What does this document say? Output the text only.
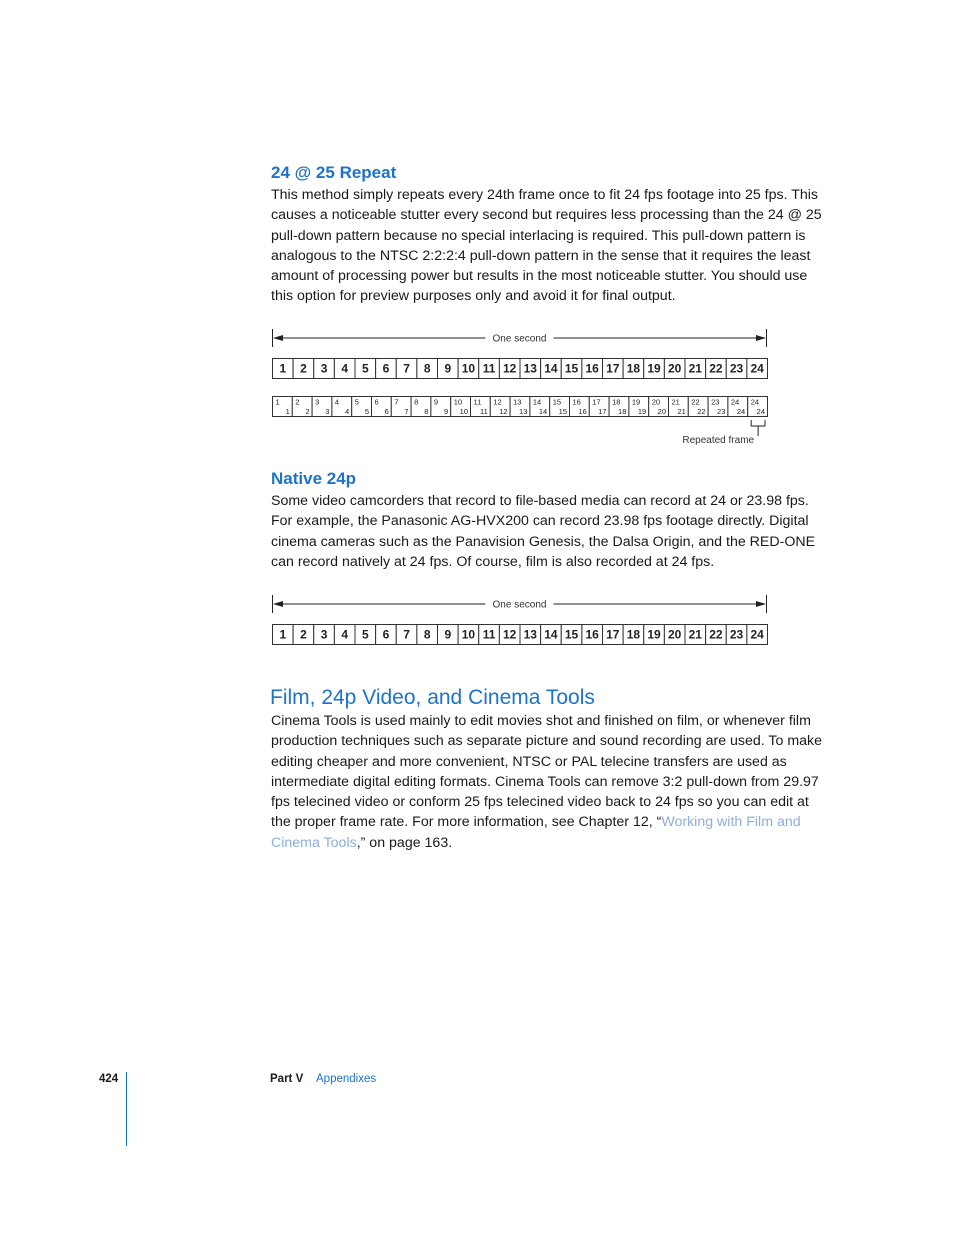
24 @ 25 Repeat

This method simply repeats every 24th frame once to fit 24 fps footage into 25 fps. This causes a noticeable stutter every second but requires less processing than the 24 @ 25 pull-down pattern because no special interlacing is required. This pull-down pattern is analogous to the NTSC 2:2:2:4 pull-down pattern in the sense that it requires the least amount of processing power but results in the most noticeable stutter. You should use this option for preview purposes only and avoid it for final output.

One second
1 2 3 4 5 6 7 8 9 10 11 12 13 14 15 16 17 18 19 20 21 22 23 24
1
1
2
2
3
3
4
4
5
5
6
6
7
7
8
8
9
9
10
10
11
11
12
12
13
13
14
14
15
15
16
16
17
17
18
18
19
19
20
20
21
21
22
22
23
23
24
24
24
24
Repeated frame
Native 24p

Some video camcorders that record to file-based media can record at 24 or 23.98 fps. For example, the Panasonic AG-HVX200 can record 23.98 fps footage directly. Digital cinema cameras such as the Panavision Genesis, the Dalsa Origin, and the RED-ONE can record natively at 24 fps. Of course, film is also recorded at 24 fps.

One second
1 2 3 4 5 6 7 8 9 10 11 12 13 14 15 16 17 18 19 20 21 22 23 24
Film, 24p Video, and Cinema Tools

Cinema Tools is used mainly to edit movies shot and finished on film, or whenever film production techniques such as separate picture and sound recording are used. To make editing cheaper and more convenient, NTSC or PAL telecine transfers are used as intermediate digital editing formats. Cinema Tools can remove 3:2 pull-down from 29.97 fps telecined video or conform 25 fps telecined video back to 24 fps so you can edit at the proper frame rate. For more information, see Chapter 12, “Working with Film and Cinema Tools,” on page 163.

424	Part V Appendixes
